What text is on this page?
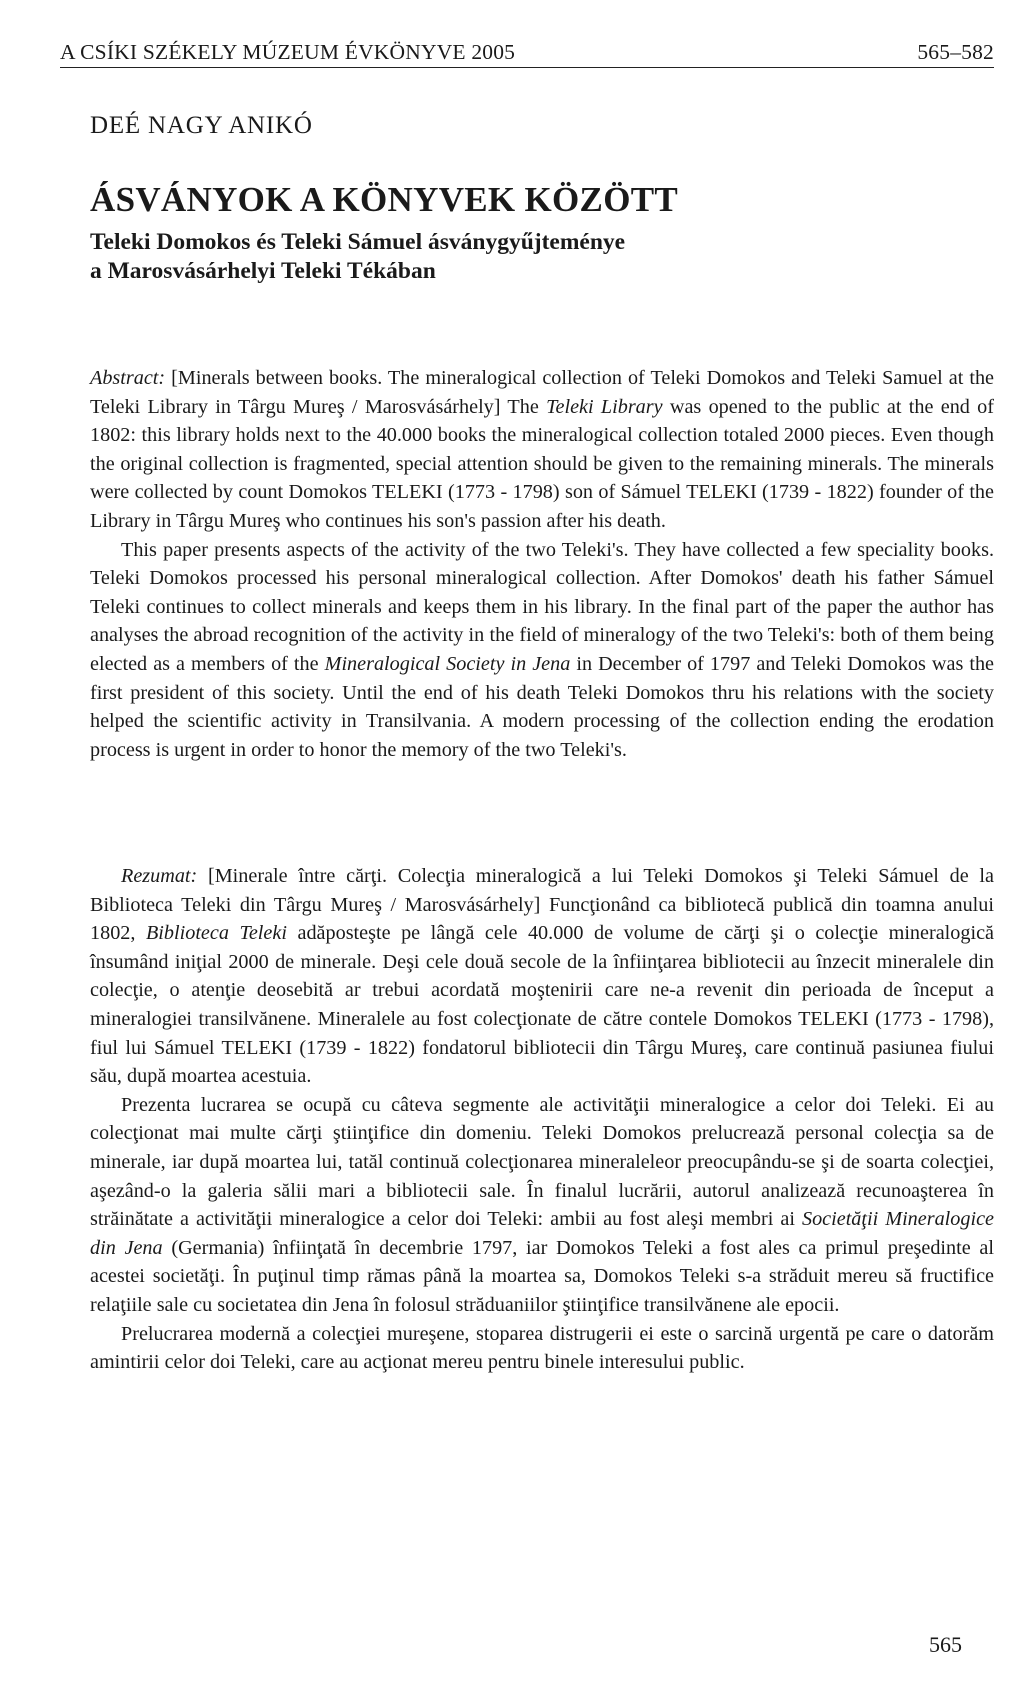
A CSÍKI SZÉKELY MÚZEUM ÉVKÖNYVE 2005	565–582
DEÉ NAGY ANIKÓ
ÁSVÁNYOK A KÖNYVEK KÖZÖTT
Teleki Domokos és Teleki Sámuel ásványgyűjteménye
a Marosvásárhelyi Teleki Tékában

Abstract: [Minerals between books. The mineralogical collection of Teleki Domokos and Teleki Samuel at the Teleki Library in Târgu Mureş / Marosvásárhely] The Teleki Library was opened to the public at the end of 1802: this library holds next to the 40.000 books the mineralogical collection totaled 2000 pieces. Even though the original collection is fragmented, special attention should be given to the remaining minerals. The minerals were collected by count Domokos TELEKI (1773 - 1798) son of Sámuel TELEKI (1739 - 1822) founder of the Library in Târgu Mureş who continues his son's passion after his death.

This paper presents aspects of the activity of the two Teleki's. They have collected a few speciality books. Teleki Domokos processed his personal mineralogical collection. After Domokos' death his father Sámuel Teleki continues to collect minerals and keeps them in his library. In the final part of the paper the author has analyses the abroad recognition of the activity in the field of mineralogy of the two Teleki's: both of them being elected as a members of the Mineralogical Society in Jena in December of 1797 and Teleki Domokos was the first president of this society. Until the end of his death Teleki Domokos thru his relations with the society helped the scientific activity in Transilvania. A modern processing of the collection ending the erodation process is urgent in order to honor the memory of the two Teleki's.

Rezumat: [Minerale între cărţi. Colecţia mineralogică a lui Teleki Domokos şi Teleki Sámuel de la Biblioteca Teleki din Târgu Mureş / Marosvásárhely] Funcţionând ca bibliotecă publică din toamna anului 1802, Biblioteca Teleki adăposteşte pe lângă cele 40.000 de volume de cărţi şi o colecţie mineralogică însumând iniţial 2000 de minerale. Deşi cele două secole de la înfiinţarea bibliotecii au înzecit mineralele din colecţie, o atenţie deosebită ar trebui acordată moştenirii care ne-a revenit din perioada de început a mineralogiei transilvănene. Mineralele au fost colecţionate de către contele Domokos TELEKI (1773 - 1798), fiul lui Sámuel TELEKI (1739 - 1822) fondatorul bibliotecii din Târgu Mureş, care continuă pasiunea fiului său, după moartea acestuia.

Prezenta lucrarea se ocupă cu câteva segmente ale activităţii mineralogice a celor doi Teleki. Ei au colecţionat mai multe cărţi ştiinţifice din domeniu. Teleki Domokos prelucrează personal colecţia sa de minerale, iar după moartea lui, tatăl continuă colecţionarea mineraleleor preocupându-se şi de soarta colecţiei, aşezând-o la galeria sălii mari a bibliotecii sale. În finalul lucrării, autorul analizează recunoaşterea în străinătate a activităţii mineralogice a celor doi Teleki: ambii au fost aleşi membri ai Societăţii Mineralogice din Jena (Germania) înfiinţată în decembrie 1797, iar Domokos Teleki a fost ales ca primul preşedinte al acestei societăţi. În puţinul timp rămas până la moartea sa, Domokos Teleki s-a străduit mereu să fructifice relaţiile sale cu societatea din Jena în folosul străduaniilor ştiinţifice transilvănene ale epocii.

Prelucrarea modernă a colecţiei mureşene, stoparea distrugerii ei este o sarcină urgentă pe care o datorăm amintirii celor doi Teleki, care au acţionat mereu pentru binele interesului public.

565
